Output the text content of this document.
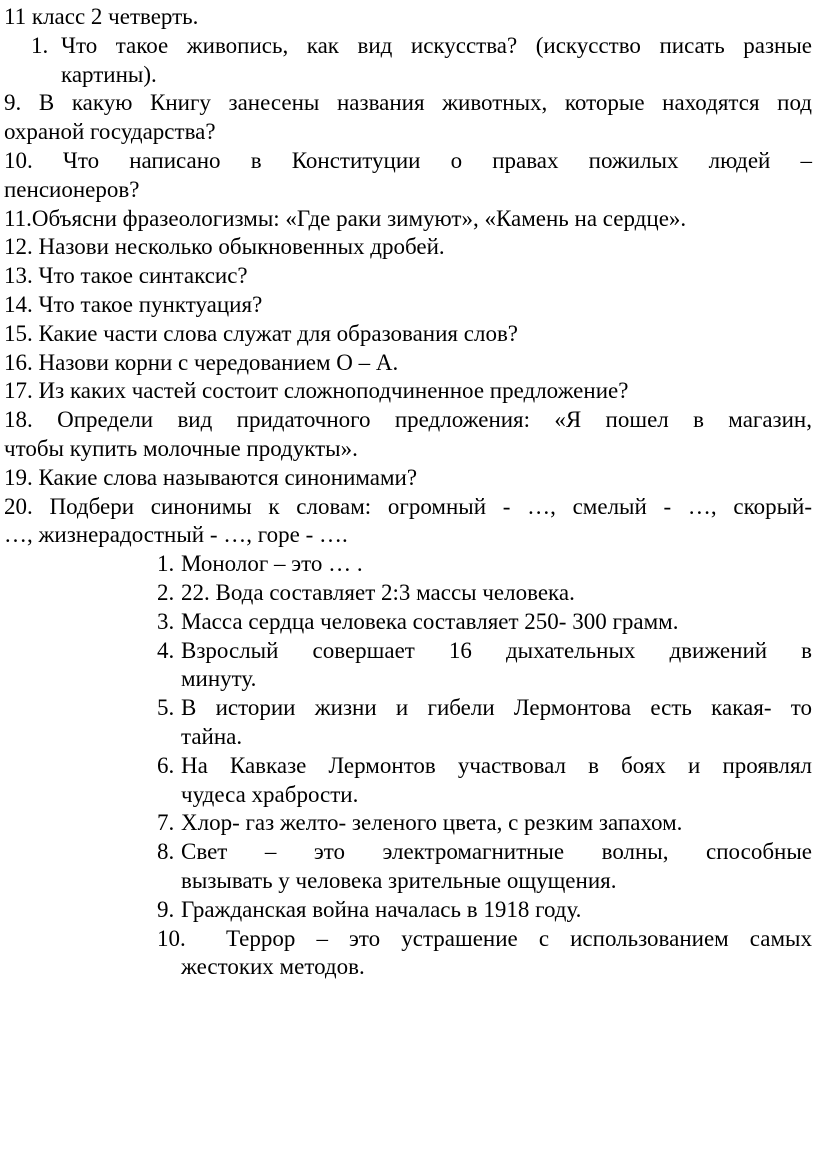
11 класс 2 четверть.
1. Что такое живопись, как вид искусства? (искусство писать разные
картины).
9. В какую Книгу занесены названия животных, которые находятся под
охраной государства?
10. Что написано в Конституции о правах пожилых людей –
пенсионеров?
11.Объясни фразеологизмы: «Где раки зимуют», «Камень на сердце».
12. Назови несколько обыкновенных дробей.
13. Что такое синтаксис?
14. Что такое пунктуация?
15. Какие части слова служат для образования слов?
16. Назови корни с чередованием О – А.
17. Из каких частей состоит сложноподчиненное предложение?
18. Определи вид придаточного предложения: «Я пошел в магазин,
чтобы купить молочные продукты».
19. Какие слова называются синонимами?
20. Подбери синонимы к словам: огромный - …, смелый - …, скорый-
…, жизнерадостный - …, горе - ….
1. Монолог – это … .
2. 22. Вода составляет 2:3 массы человека.
3. Масса сердца человека составляет 250- 300 грамм.
4. Взрослый совершает 16 дыхательных движений в
минуту.
5. В истории жизни и гибели Лермонтова есть какая- то
тайна.
6. На Кавказе Лермонтов участвовал в боях и проявлял
чудеса храбрости.
7. Хлор- газ желто- зеленого цвета, с резким запахом.
8. Свет – это электромагнитные волны, способные
вызывать у человека зрительные ощущения.
9. Гражданская война началась в 1918 году.
10.	Террор – это устрашение с использованием самых
жестоких методов.
